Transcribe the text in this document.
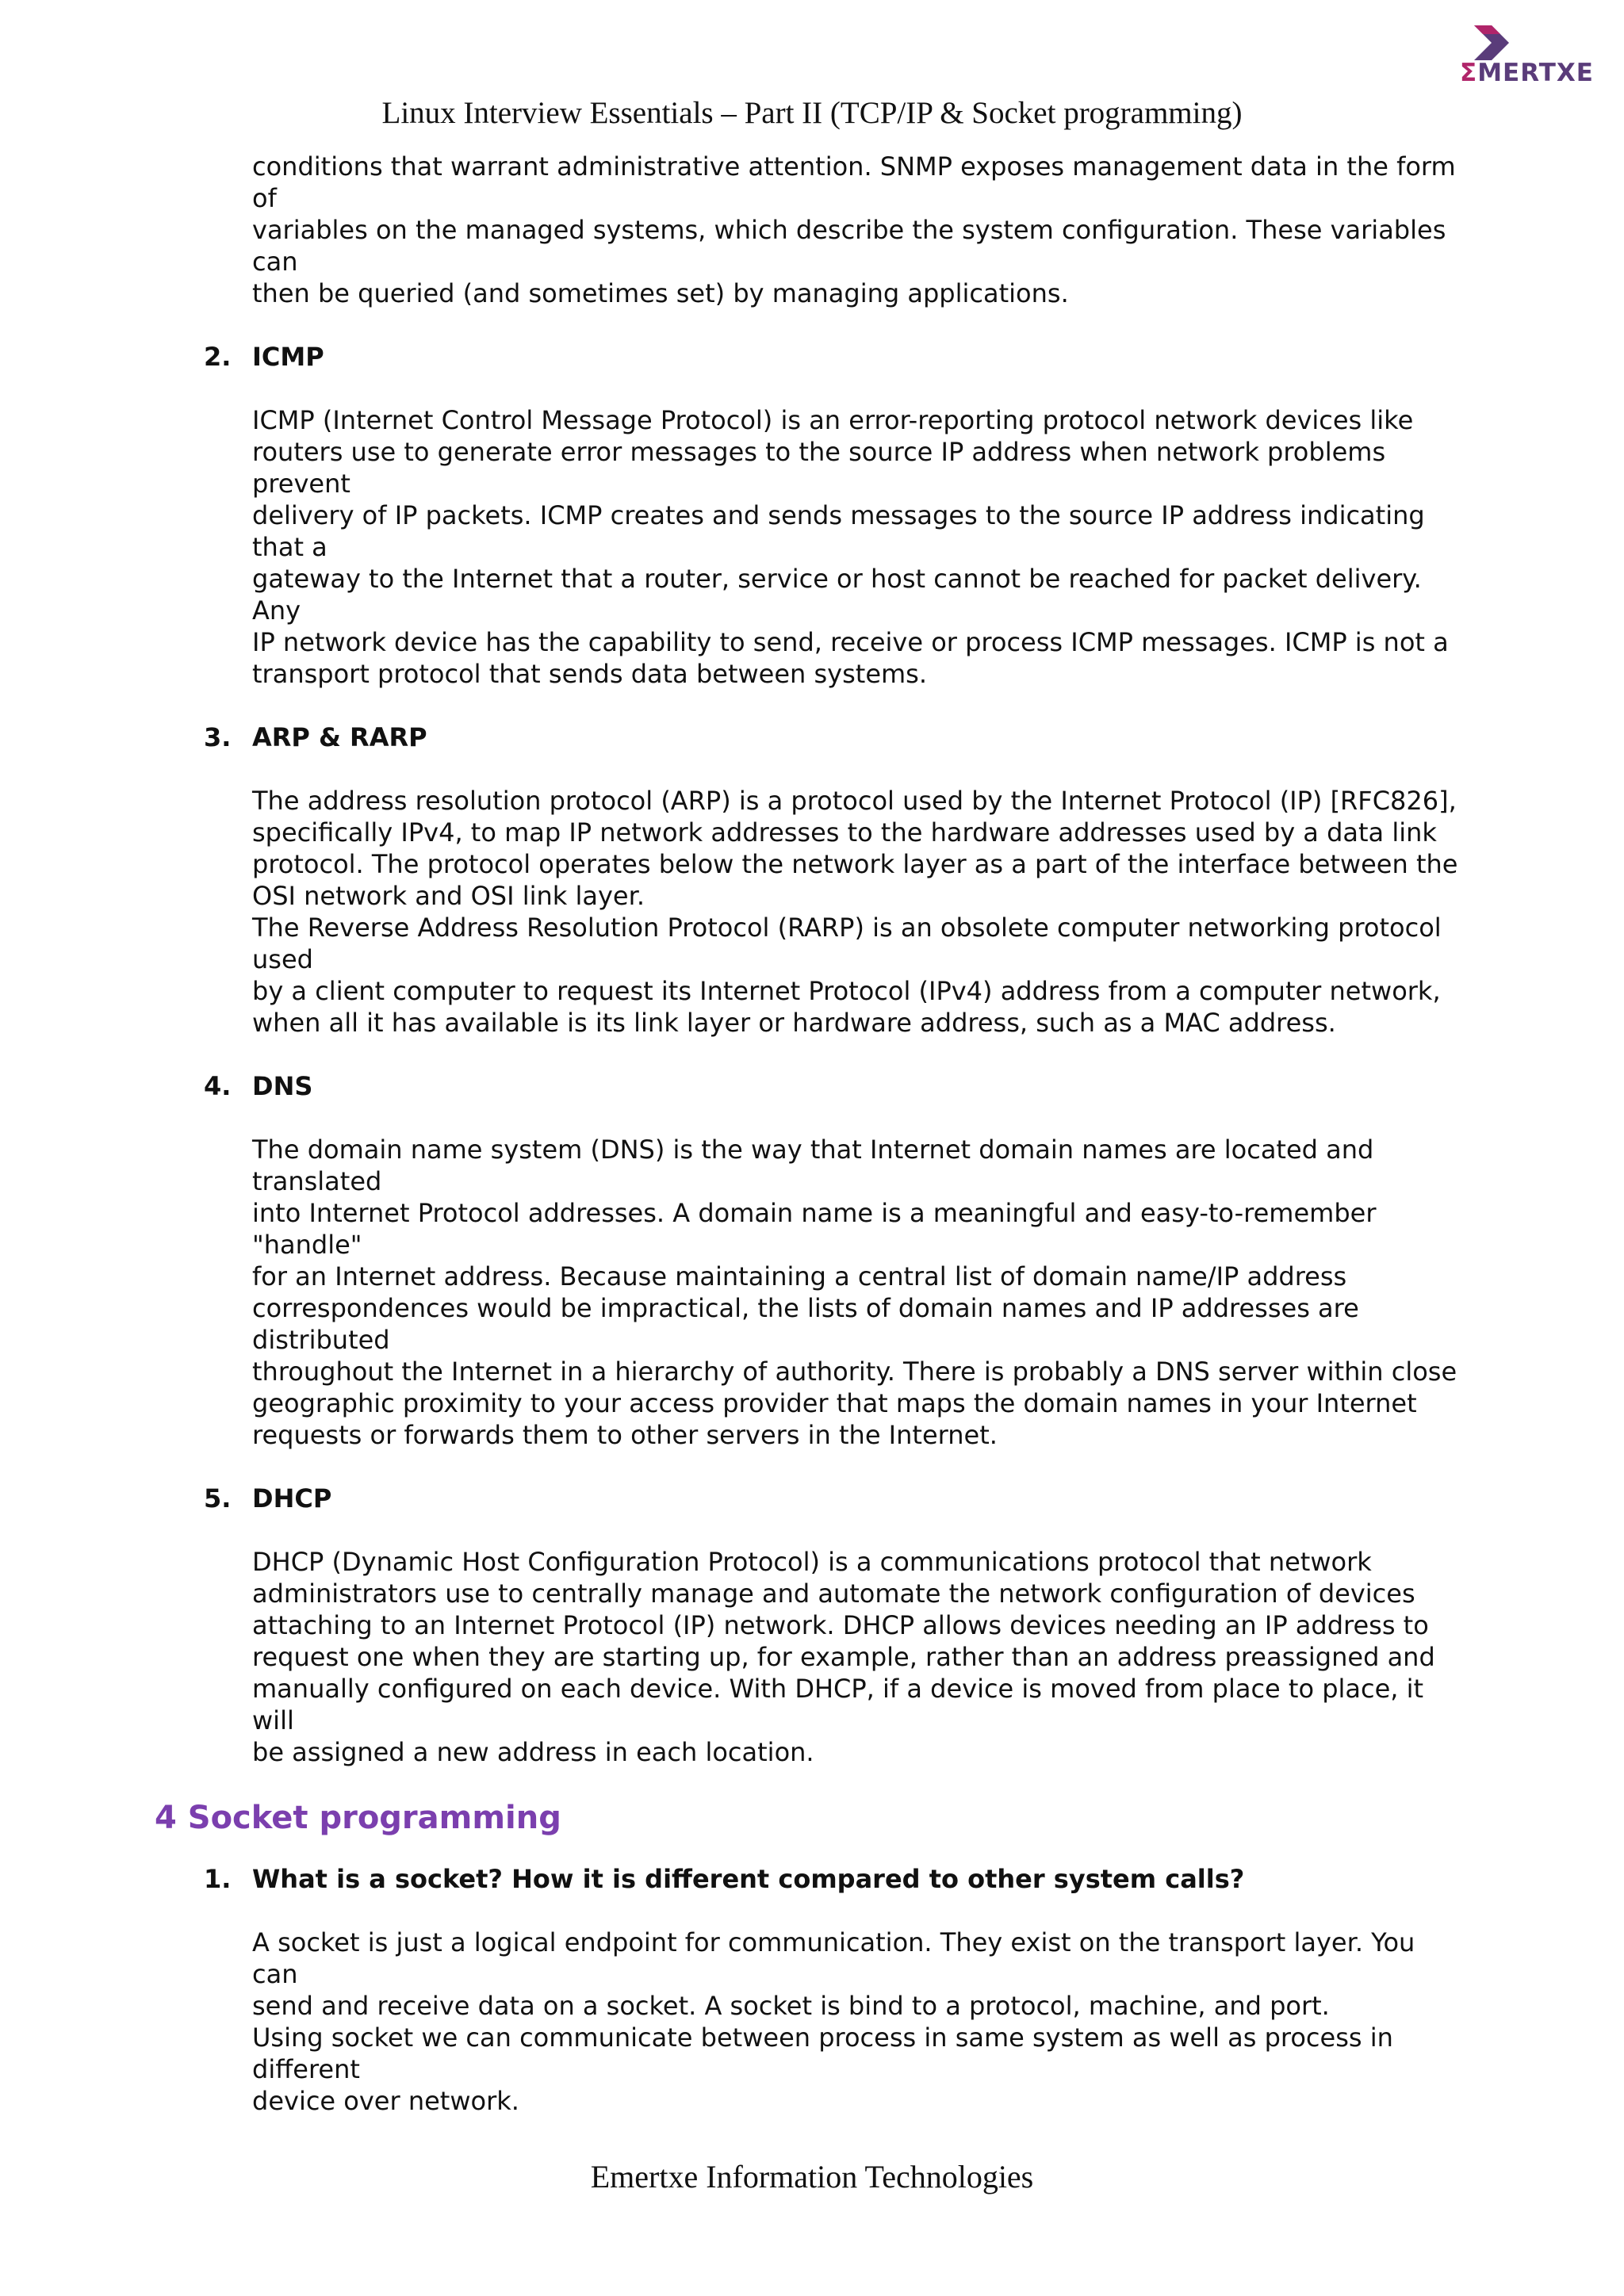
ΣMERTXE
Linux Interview Essentials – Part II (TCP/IP & Socket programming)

conditions that warrant administrative attention. SNMP exposes management data in the form of
variables on the managed systems, which describe the system configuration. These variables can
then be queried (and sometimes set) by managing applications.

2. ICMP

ICMP (Internet Control Message Protocol) is an error-reporting protocol network devices like
routers use to generate error messages to the source IP address when network problems prevent
delivery of IP packets. ICMP creates and sends messages to the source IP address indicating that a
gateway to the Internet that a router, service or host cannot be reached for packet delivery. Any
IP network device has the capability to send, receive or process ICMP messages. ICMP is not a
transport protocol that sends data between systems.

3. ARP & RARP

The address resolution protocol (ARP) is a protocol used by the Internet Protocol (IP) [RFC826],
specifically IPv4, to map IP network addresses to the hardware addresses used by a data link
protocol. The protocol operates below the network layer as a part of the interface between the
OSI network and OSI link layer.
The Reverse Address Resolution Protocol (RARP) is an obsolete computer networking protocol used
by a client computer to request its Internet Protocol (IPv4) address from a computer network,
when all it has available is its link layer or hardware address, such as a MAC address.

4. DNS

The domain name system (DNS) is the way that Internet domain names are located and translated
into Internet Protocol addresses. A domain name is a meaningful and easy-to-remember "handle"
for an Internet address. Because maintaining a central list of domain name/IP address
correspondences would be impractical, the lists of domain names and IP addresses are distributed
throughout the Internet in a hierarchy of authority. There is probably a DNS server within close
geographic proximity to your access provider that maps the domain names in your Internet
requests or forwards them to other servers in the Internet.

5. DHCP

DHCP (Dynamic Host Configuration Protocol) is a communications protocol that network
administrators use to centrally manage and automate the network configuration of devices
attaching to an Internet Protocol (IP) network. DHCP allows devices needing an IP address to
request one when they are starting up, for example, rather than an address preassigned and
manually configured on each device. With DHCP, if a device is moved from place to place, it will
be assigned a new address in each location.

4 Socket programming
1. What is a socket? How it is different compared to other system calls?

A socket is just a logical endpoint for communication. They exist on the transport layer. You can
send and receive data on a socket. A socket is bind to a protocol, machine, and port.
Using socket we can communicate between process in same system as well as process in different
device over network.

Emertxe Information Technologies
